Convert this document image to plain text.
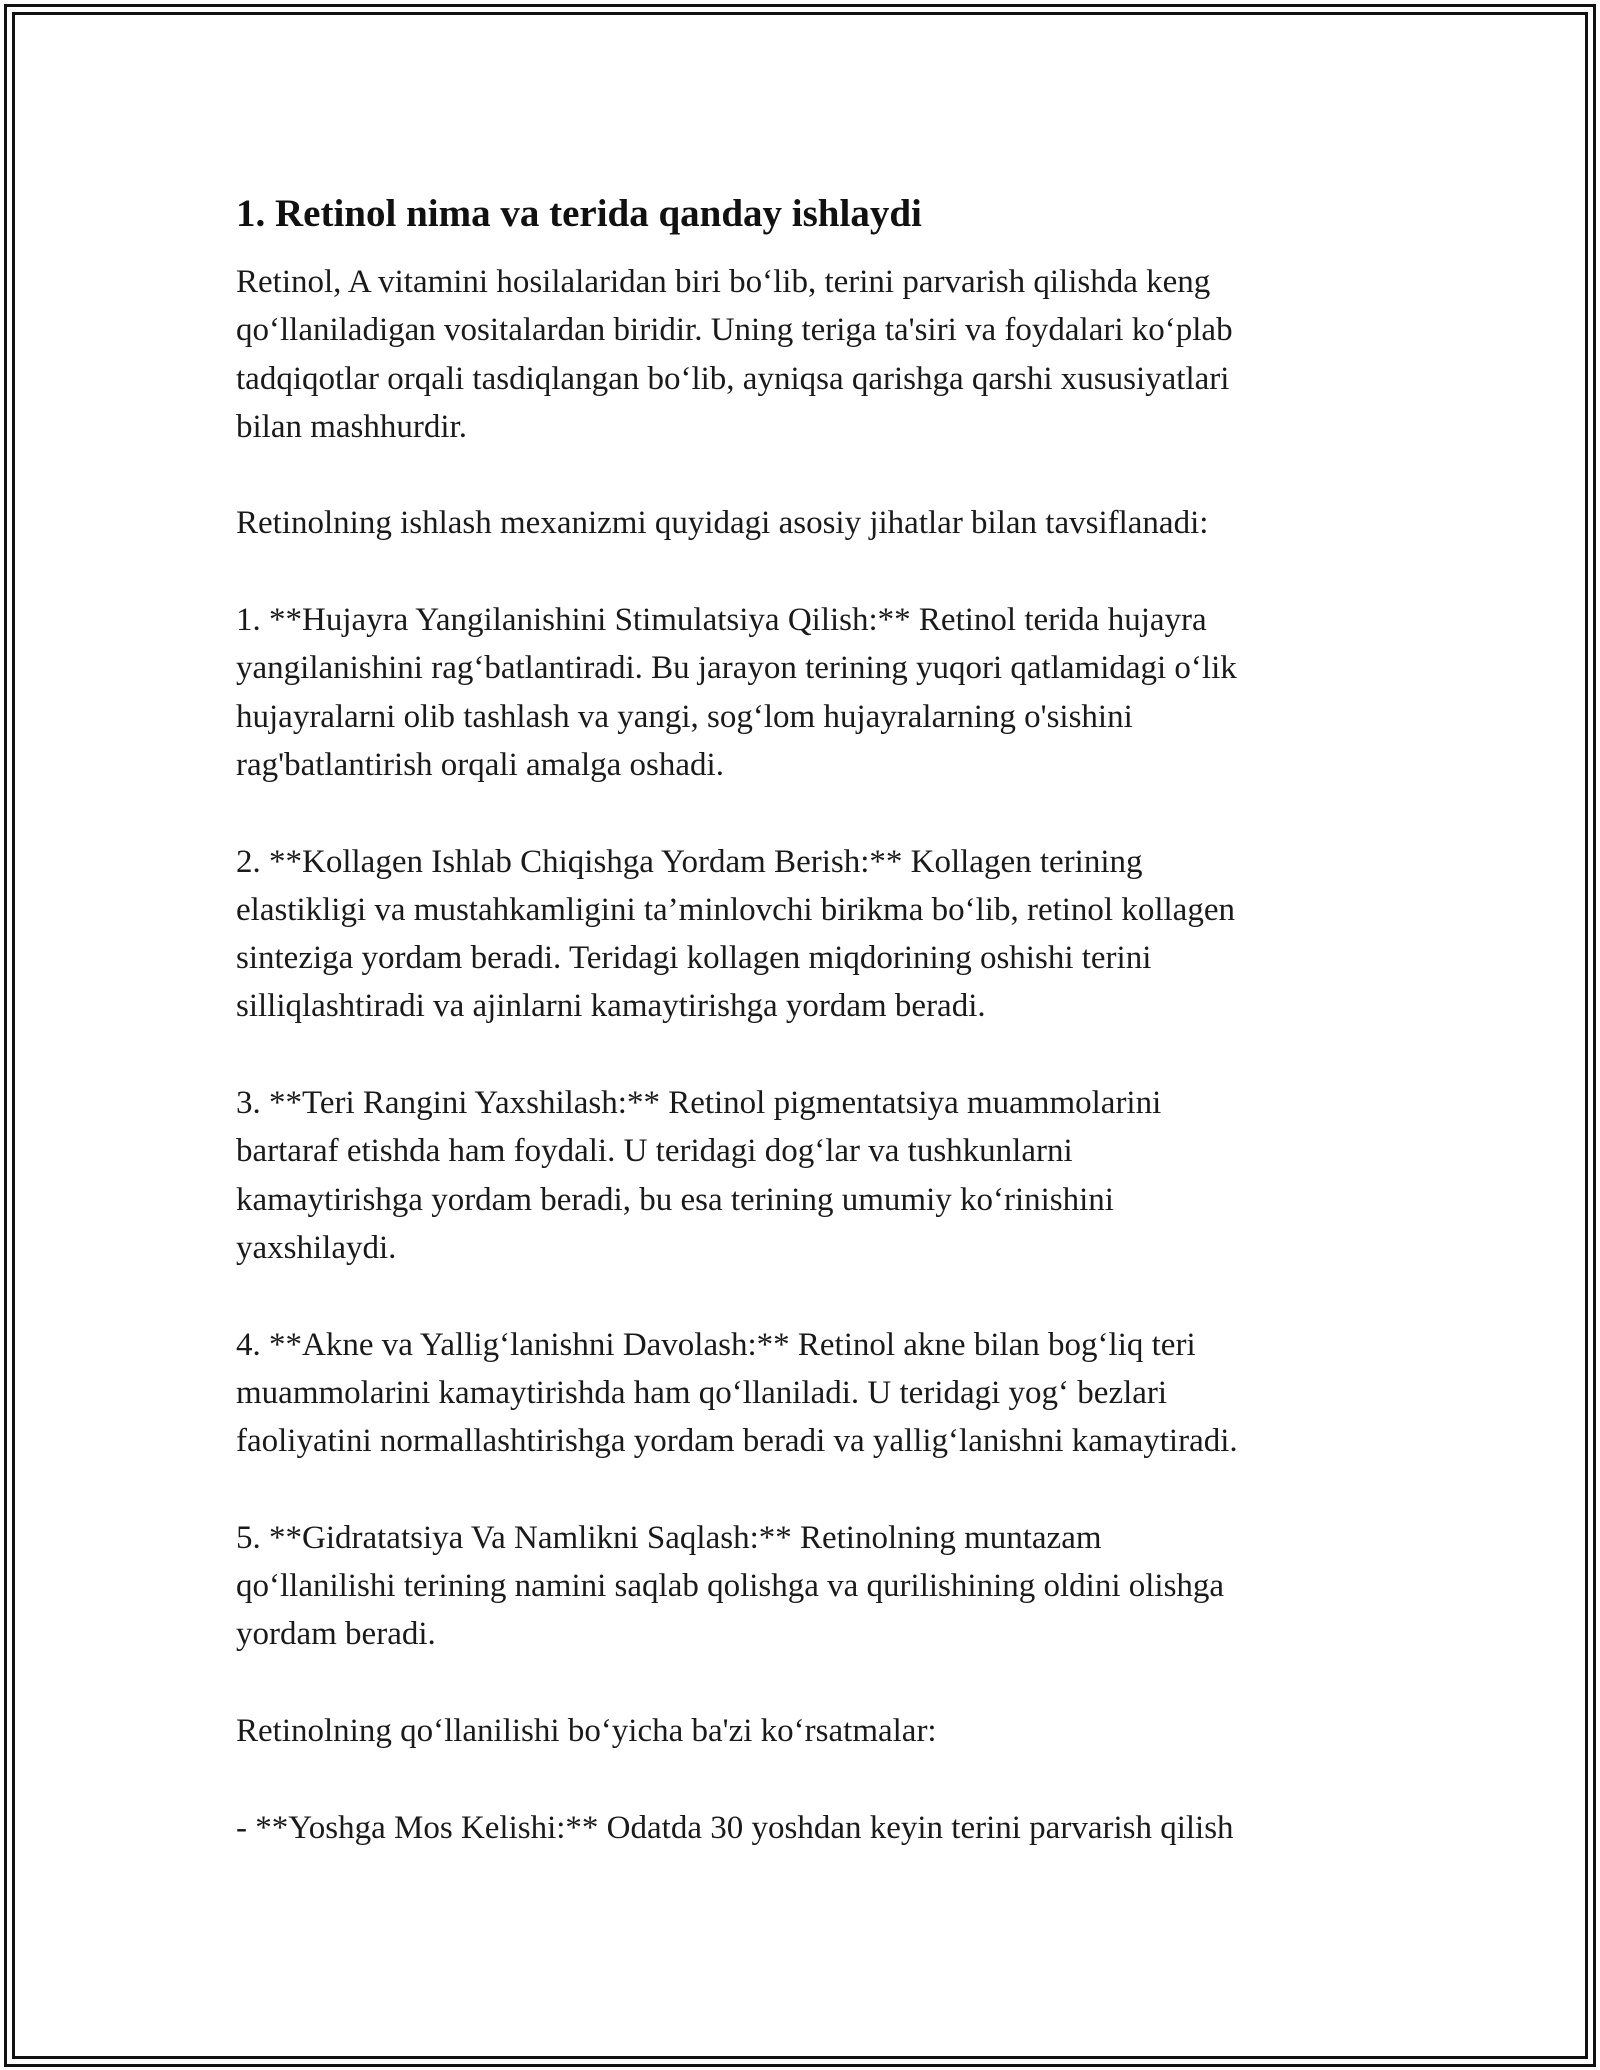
1. Retinol nima va terida qanday ishlaydi

Retinol, A vitamini hosilalaridan biri bo‘lib, terini parvarish qilishda keng
qo‘llaniladigan vositalardan biridir. Uning teriga ta'siri va foydalari ko‘plab
tadqiqotlar orqali tasdiqlangan bo‘lib, ayniqsa qarishga qarshi xususiyatlari
bilan mashhurdir.

Retinolning ishlash mexanizmi quyidagi asosiy jihatlar bilan tavsiflanadi:

1. **Hujayra Yangilanishini Stimulatsiya Qilish:** Retinol terida hujayra
yangilanishini rag‘batlantiradi. Bu jarayon terining yuqori qatlamidagi o‘lik
hujayralarni olib tashlash va yangi, sog‘lom hujayralarning o'sishini
rag'batlantirish orqali amalga oshadi.

2. **Kollagen Ishlab Chiqishga Yordam Berish:** Kollagen terining
elastikligi va mustahkamligini ta’minlovchi birikma bo‘lib, retinol kollagen
sinteziga yordam beradi. Teridagi kollagen miqdorining oshishi terini
silliqlashtiradi va ajinlarni kamaytirishga yordam beradi.

3. **Teri Rangini Yaxshilash:** Retinol pigmentatsiya muammolarini
bartaraf etishda ham foydali. U teridagi dog‘lar va tushkunlarni
kamaytirishga yordam beradi, bu esa terining umumiy ko‘rinishini
yaxshilaydi.

4. **Akne va Yallig‘lanishni Davolash:** Retinol akne bilan bog‘liq teri
muammolarini kamaytirishda ham qo‘llaniladi. U teridagi yog‘ bezlari
faoliyatini normallashtirishga yordam beradi va yallig‘lanishni kamaytiradi.

5. **Gidratatsiya Va Namlikni Saqlash:** Retinolning muntazam
qo‘llanilishi terining namini saqlab qolishga va qurilishining oldini olishga
yordam beradi.

Retinolning qo‘llanilishi bo‘yicha ba'zi ko‘rsatmalar:

- **Yoshga Mos Kelishi:** Odatda 30 yoshdan keyin terini parvarish qilish
